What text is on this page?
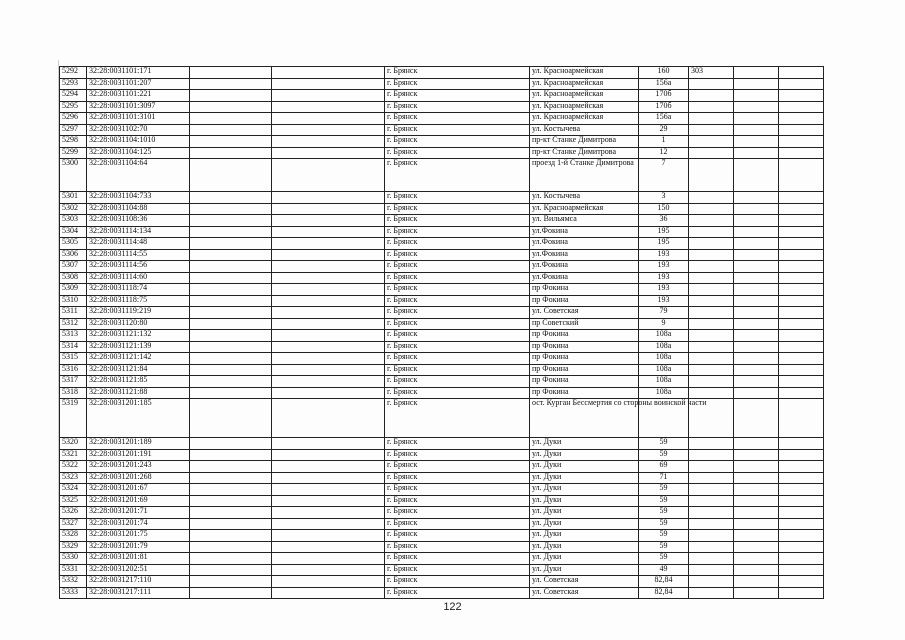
5292	32:28:0031101:171			г. Брянск	ул. Красноармейская	160	303		
5293	32:28:0031101:207			г. Брянск	ул. Красноармейская	156а			
5294	32:28:0031101:221			г. Брянск	ул. Красноармейская	170б			
5295	32:28:0031101:3097			г. Брянск	ул. Красноармейская	170б			
5296	32:28:0031101:3101			г. Брянск	ул. Красноармейская	156а			
5297	32:28:0031102:70			г. Брянск	ул. Костычева	29			
5298	32:28:0031104:1010			г. Брянск	пр-кт Станке Димитрова	1			
5299	32:28:0031104:125			г. Брянск	пр-кт Станке Димитрова	12			
5300	32:28:0031104:64			г. Брянск	проезд 1-й Станке Димитрова	7			
5301	32:28:0031104:733			г. Брянск	ул. Костычева	3			
5302	32:28:0031104:88			г. Брянск	ул. Красноармейская	150			
5303	32:28:0031108:36			г. Брянск	ул. Вильямса	36			
5304	32:28:0031114:134			г. Брянск	ул.Фокина	195			
5305	32:28:0031114:48			г. Брянск	ул.Фокина	195			
5306	32:28:0031114:55			г. Брянск	ул.Фокина	193			
5307	32:28:0031114:56			г. Брянск	ул.Фокина	193			
5308	32:28:0031114:60			г. Брянск	ул.Фокина	193			
5309	32:28:0031118:74			г. Брянск	пр Фокина	193			
5310	32:28:0031118:75			г. Брянск	пр Фокина	193			
5311	32:28:0031119:219			г. Брянск	ул. Советская	79			
5312	32:28:0031120:80			г. Брянск	пр Советский	9			
5313	32:28:0031121:132			г. Брянск	пр Фокина	108а			
5314	32:28:0031121:139			г. Брянск	пр Фокина	108а			
5315	32:28:0031121:142			г. Брянск	пр Фокина	108а			
5316	32:28:0031121:84			г. Брянск	пр Фокина	108а			
5317	32:28:0031121:85			г. Брянск	пр Фокина	108а			
5318	32:28:0031121:88			г. Брянск	пр Фокина	108а			
5319	32:28:0031201:185			г. Брянск	ост. Курган Бессмертия со стороны воинской части				
5320	32:28:0031201:189			г. Брянск	ул. Дуки	59			
5321	32:28:0031201:191			г. Брянск	ул. Дуки	59			
5322	32:28:0031201:243			г. Брянск	ул. Дуки	69			
5323	32:28:0031201:268			г. Брянск	ул. Дуки	71			
5324	32:28:0031201:67			г. Брянск	ул. Дуки	59			
5325	32:28:0031201:69			г. Брянск	ул. Дуки	59			
5326	32:28:0031201:71			г. Брянск	ул. Дуки	59			
5327	32:28:0031201:74			г. Брянск	ул. Дуки	59			
5328	32:28:0031201:75			г. Брянск	ул. Дуки	59			
5329	32:28:0031201:79			г. Брянск	ул. Дуки	59			
5330	32:28:0031201:81			г. Брянск	ул. Дуки	59			
5331	32:28:0031202:51			г. Брянск	ул. Дуки	49			
5332	32:28:0031217:110			г. Брянск	ул. Советская	82,84			
5333	32:28:0031217:111			г. Брянск	ул. Советская	82,84			
122
